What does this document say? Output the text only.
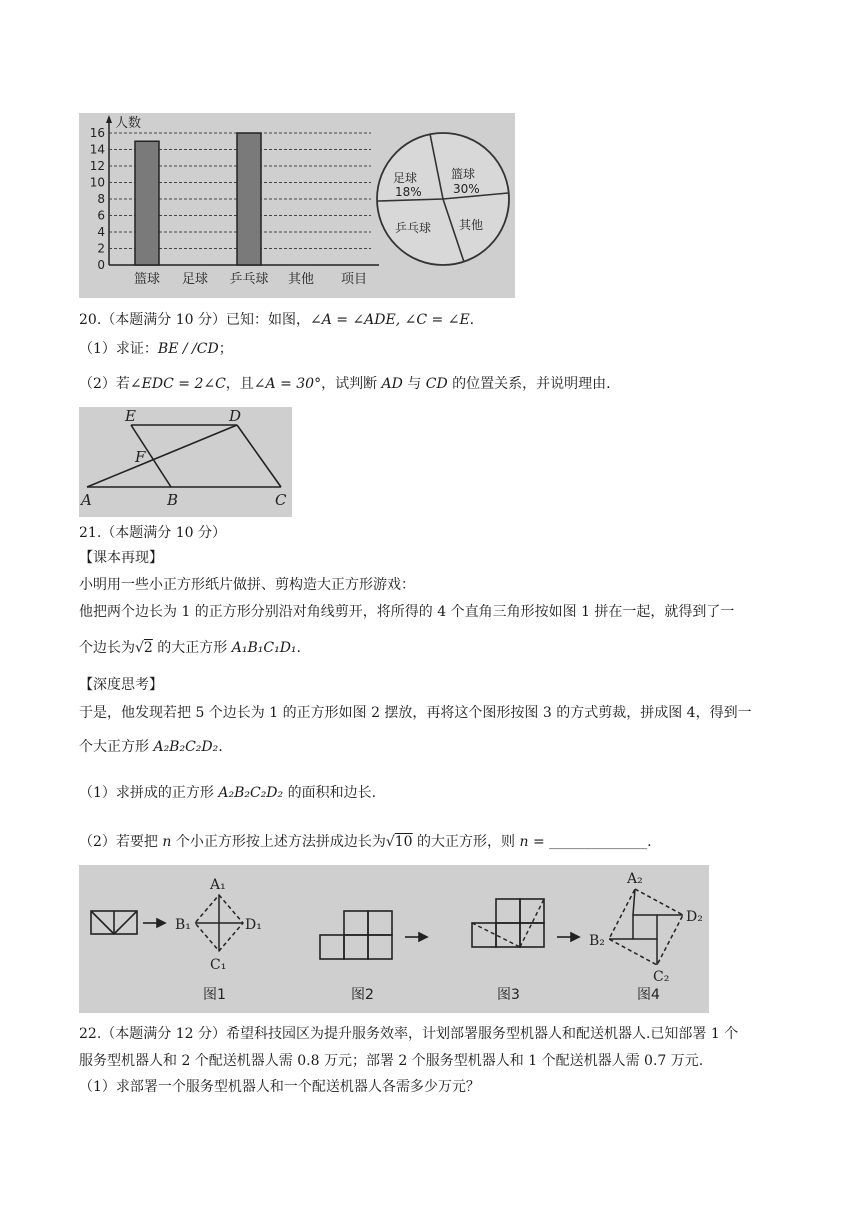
人数
16
14
12
10
8
6
4
2
0
篮球 足球 乒乓球 其他 项目
足球
18%
篮球
30%
乒乓球 其他
20.（本题满分 10 分）已知：如图，∠A = ∠ADE, ∠C = ∠E.
（1）求证：BE / /CD；
（2）若∠EDC = 2∠C，且∠A = 30°，试判断 AD 与 CD 的位置关系，并说明理由.
E	D
F
A	B	C
21.（本题满分 10 分）
【课本再现】
小明用一些小正方形纸片做拼、剪构造大正方形游戏：
他把两个边长为 1 的正方形分别沿对角线剪开，将所得的 4 个直角三角形按如图 1 拼在一起，就得到了一
个边长为√2 的大正方形 A₁B₁C₁D₁.
【深度思考】
于是，他发现若把 5 个边长为 1 的正方形如图 2 摆放，再将这个图形按图 3 的方式剪裁，拼成图 4，得到一
个大正方形 A₂B₂C₂D₂.
（1）求拼成的正方形 A₂B₂C₂D₂ 的面积和边长.
（2）若要把 n 个小正方形按上述方法拼成边长为√10 的大正方形，则 n = ______________.
A₁
B₁
C₁
D₁
图1	图2	图3
A₂
B₂
C₂
D₂
图4
22.（本题满分 12 分）希望科技园区为提升服务效率，计划部署服务型机器人和配送机器人.已知部署 1 个
服务型机器人和 2 个配送机器人需 0.8 万元；部署 2 个服务型机器人和 1 个配送机器人需 0.7 万元.
（1）求部署一个服务型机器人和一个配送机器人各需多少万元？
